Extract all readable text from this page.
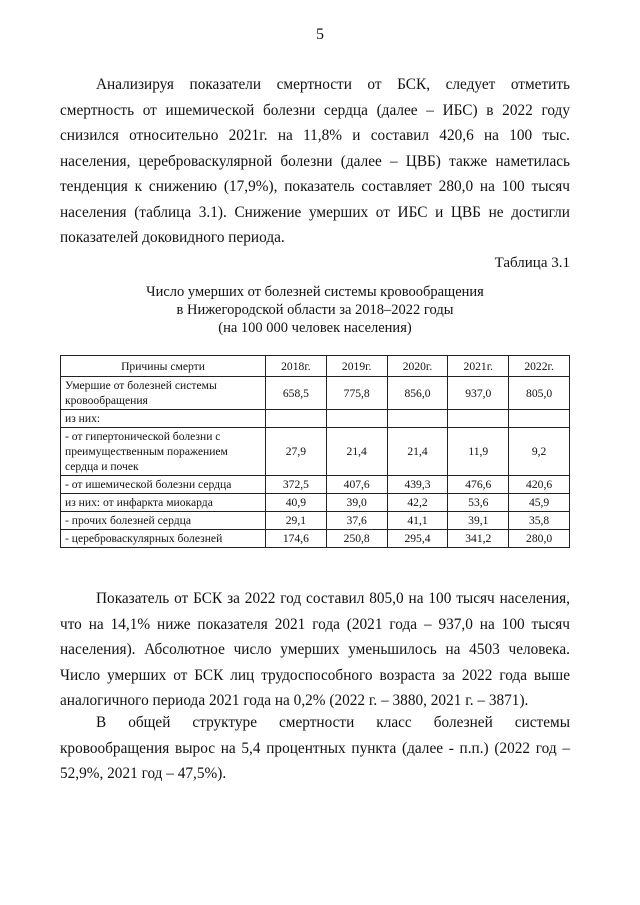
5

Анализируя показатели смертности от БСК, следует отметить смертность от ишемической болезни сердца (далее – ИБС) в 2022 году снизился относительно 2021г. на 11,8% и составил 420,6 на 100 тыс. населения, цереброваскулярной болезни (далее – ЦВБ) также наметилась тенденция к снижению (17,9%), показатель составляет 280,0 на 100 тысяч населения (таблица 3.1). Снижение умерших от ИБС и ЦВБ не достигли показателей доковидного периода.

Таблица 3.1
Число умерших от болезней системы кровообращения
в Нижегородской области за 2018–2022 годы
(на 100 000 человек населения)
Причины смерти	2018г.	2019г.	2020г.	2021г.	2022г.
Умершие от болезней системы кровообращения	658,5	775,8	856,0	937,0	805,0
из них:					
- от гипертонической болезни с преимущественным поражением сердца и почек	27,9	21,4	21,4	11,9	9,2
- от ишемической болезни сердца	372,5	407,6	439,3	476,6	420,6
из них: от инфаркта миокарда	40,9	39,0	42,2	53,6	45,9
- прочих болезней сердца	29,1	37,6	41,1	39,1	35,8
- цереброваскулярных болезней	174,6	250,8	295,4	341,2	280,0

Показатель от БСК за 2022 год составил 805,0 на 100 тысяч населения, что на 14,1% ниже показателя 2021 года (2021 года – 937,0 на 100 тысяч населения). Абсолютное число умерших уменьшилось на 4503 человека. Число умерших от БСК лиц трудоспособного возраста за 2022 года выше аналогичного периода 2021 года на 0,2% (2022 г. – 3880, 2021 г. – 3871).

В общей структуре смертности класс болезней системы кровообращения вырос на 5,4 процентных пункта (далее - п.п.) (2022 год – 52,9%, 2021 год – 47,5%).
